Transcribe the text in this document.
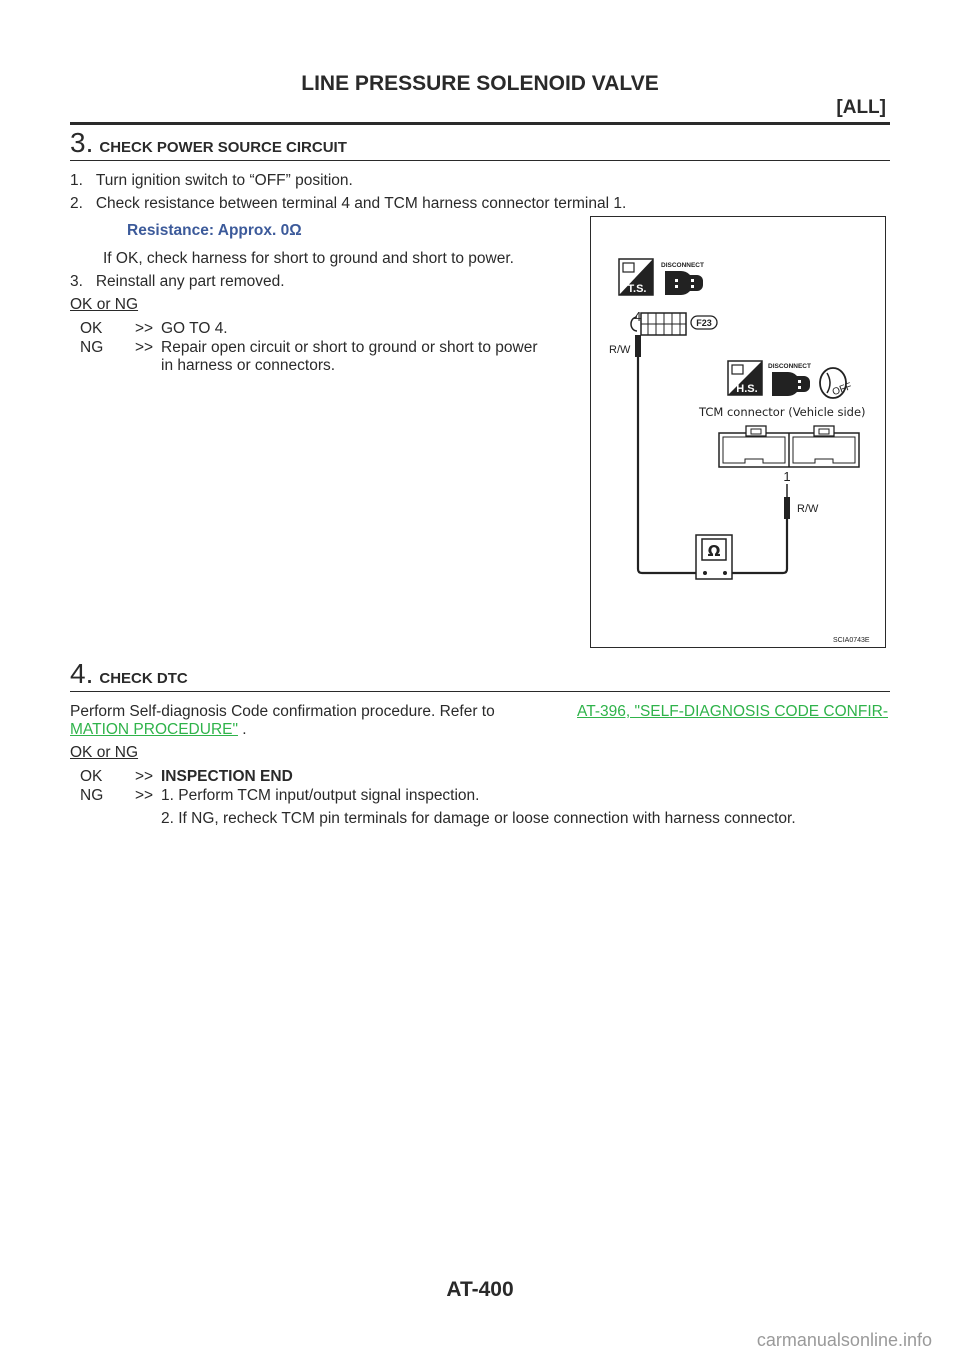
LINE PRESSURE SOLENOID VALVE
[ALL]
3 . CHECK POWER SOURCE CIRCUIT
1.   Turn ignition switch to “OFF” position.
2.   Check resistance between terminal 4 and TCM harness connector terminal 1.
Resistance: Approx. 0Ω
If OK, check harness for short to ground and short to power.
3.   Reinstall any part removed.
OK or NG
OK >> GO TO 4.
NG >> Repair open circuit or short to ground or short to power
in harness or connectors.
T.S.
DISCONNECT
4	F23
R/W
H.S.
DISCONNECT
OFF
TCM connector (Vehicle side)
1
R/W
Ω
SCIA0743E
4 . CHECK DTC
Perform Self-diagnosis Code confirmation procedure. Refer to	AT-396, "SELF-DIAGNOSIS CODE CONFIR-
MATION PROCEDURE" .
OK or NG
OK >> INSPECTION END
NG >> 1. Perform TCM input/output signal inspection.
2. If NG, recheck TCM pin terminals for damage or loose connection with harness connector.
AT-400
carmanualsonline.info
